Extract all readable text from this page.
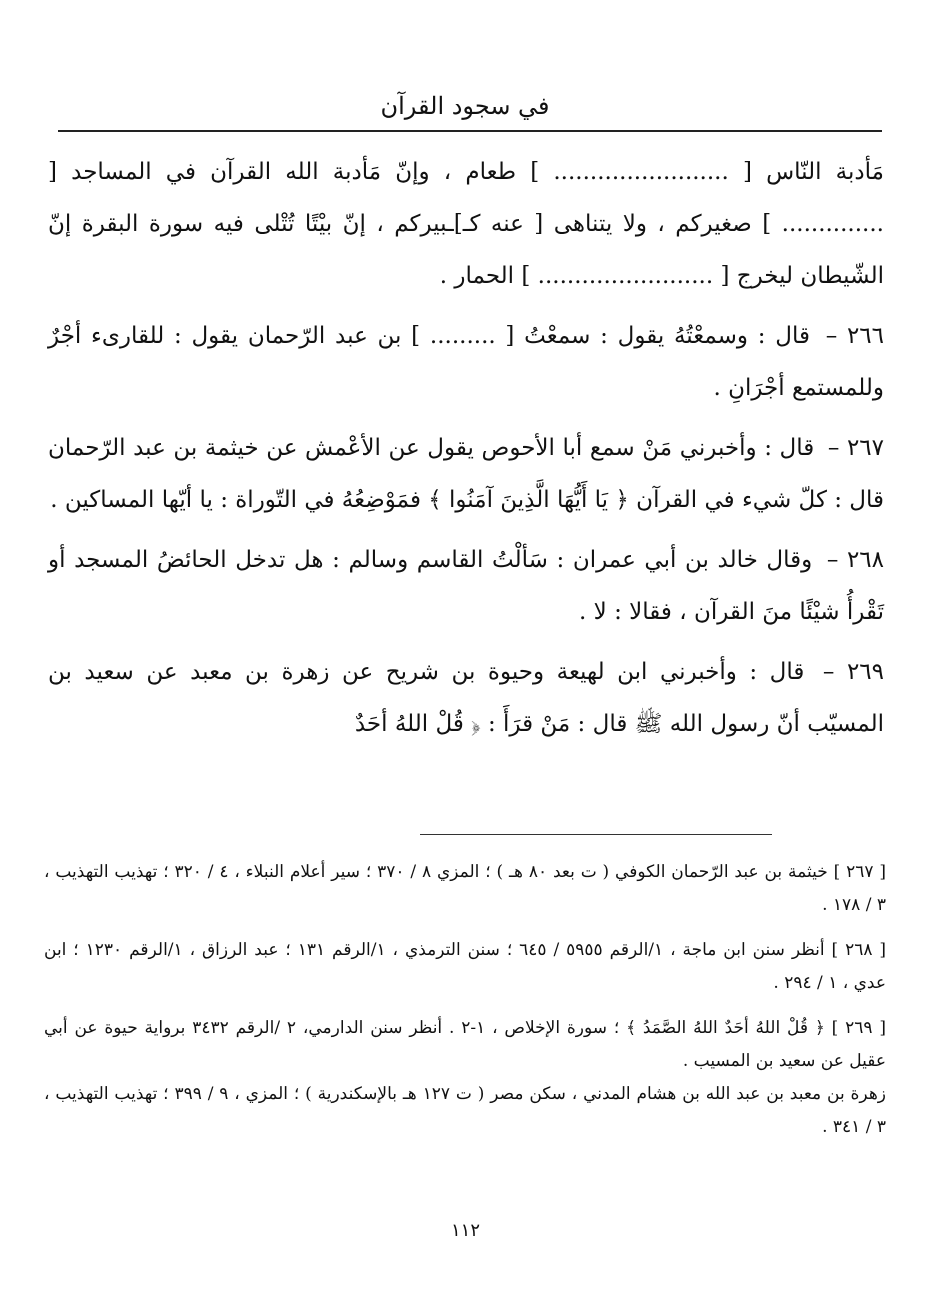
في سجود القرآن

مَأدبة النّاس [ ........................ ] طعام ، وإنّ مَأدبة الله القرآن في المساجد [ .............. ] صغيركم ، ولا يتناهى [ عنه كـ]ـبيركم ، إنّ بيْتًا تُتْلى فيه سورة البقرة إنّ الشّيطان ليخرج [ ........................ ] الحمار .

٢٦٦ – قال : وسمعْتُهُ يقول : سمعْتُ [ ......... ] بن عبد الرّحمان يقول : للقارىء أجْرٌ وللمستمع أجْرَانِ .

٢٦٧ – قال : وأخبرني مَنْ سمع أبا الأحوص يقول عن الأعْمش عن خيثمة بن عبد الرّحمان قال : كلّ شيء في القرآن ﴿ يَا أَيُّهَا الَّذِينَ آمَنُوا ﴾ فمَوْضِعُهُ في التّوراة : يا أيّها المساكين .

٢٦٨ – وقال خالد بن أبي عمران : سَألْتُ القاسم وسالم : هل تدخل الحائضُ المسجد أو تَقْرأُ شيْئًا منَ القرآن ، فقالا : لا .

٢٦٩ – قال : وأخبرني ابن لهيعة وحيوة بن شريح عن زهرة بن معبد عن سعيد بن المسيّب أنّ رسول الله ﷺ قال : مَنْ قرَأَ : ﴿ قُلْ اللهُ أحَدٌ

[ ٢٦٧ ] خيثمة بن عبد الرّحمان الكوفي ( ت بعد ٨٠ هـ ) ؛ المزي ٨ / ٣٧٠ ؛ سير أعلام النبلاء ، ٤ / ٣٢٠ ؛ تهذيب التهذيب ، ٣ / ١٧٨ .

[ ٢٦٨ ] أنظر سنن ابن ماجة ، ١/الرقم ٥٩٥٥ / ٦٤٥ ؛ سنن الترمذي ، ١/الرقم ١٣١ ؛ عبد الرزاق ، ١/الرقم ١٢٣٠ ؛ ابن عدي ، ١ / ٢٩٤ .

[ ٢٦٩ ] ﴿ قُلْ اللهُ أحَدٌ اللهُ الصَّمَدُ ﴾ ؛ سورة الإخلاص ، ١-٢ . أنظر سنن الدارمي، ٢ /الرقم ٣٤٣٢ برواية حيوة عن أبي عقيل عن سعيد بن المسيب .

زهرة بن معبد بن عبد الله بن هشام المدني ، سكن مصر ( ت ١٢٧ هـ بالإسكندرية ) ؛ المزي ، ٩ / ٣٩٩ ؛ تهذيب التهذيب ، ٣ / ٣٤١ .

١١٢
